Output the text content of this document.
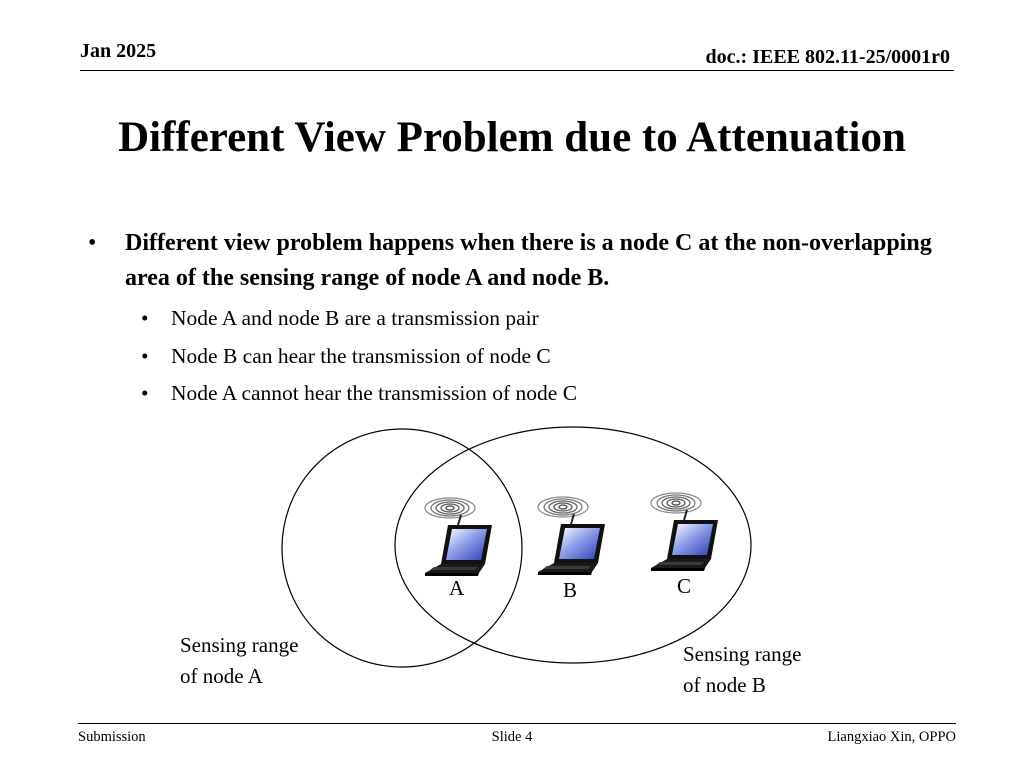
Jan 2025	doc.: IEEE 802.11-25/0001r0
Different View Problem due to Attenuation
• Different view problem happens when there is a node C at the non-overlapping area of the sensing range of node A and node B.
• Node A and node B are a transmission pair
• Node B can hear the transmission of node C
• Node A cannot hear the transmission of node C
A	B	C
Sensing range
of node A
Sensing range
of node B
Submission	Slide 4	Liangxiao Xin, OPPO
